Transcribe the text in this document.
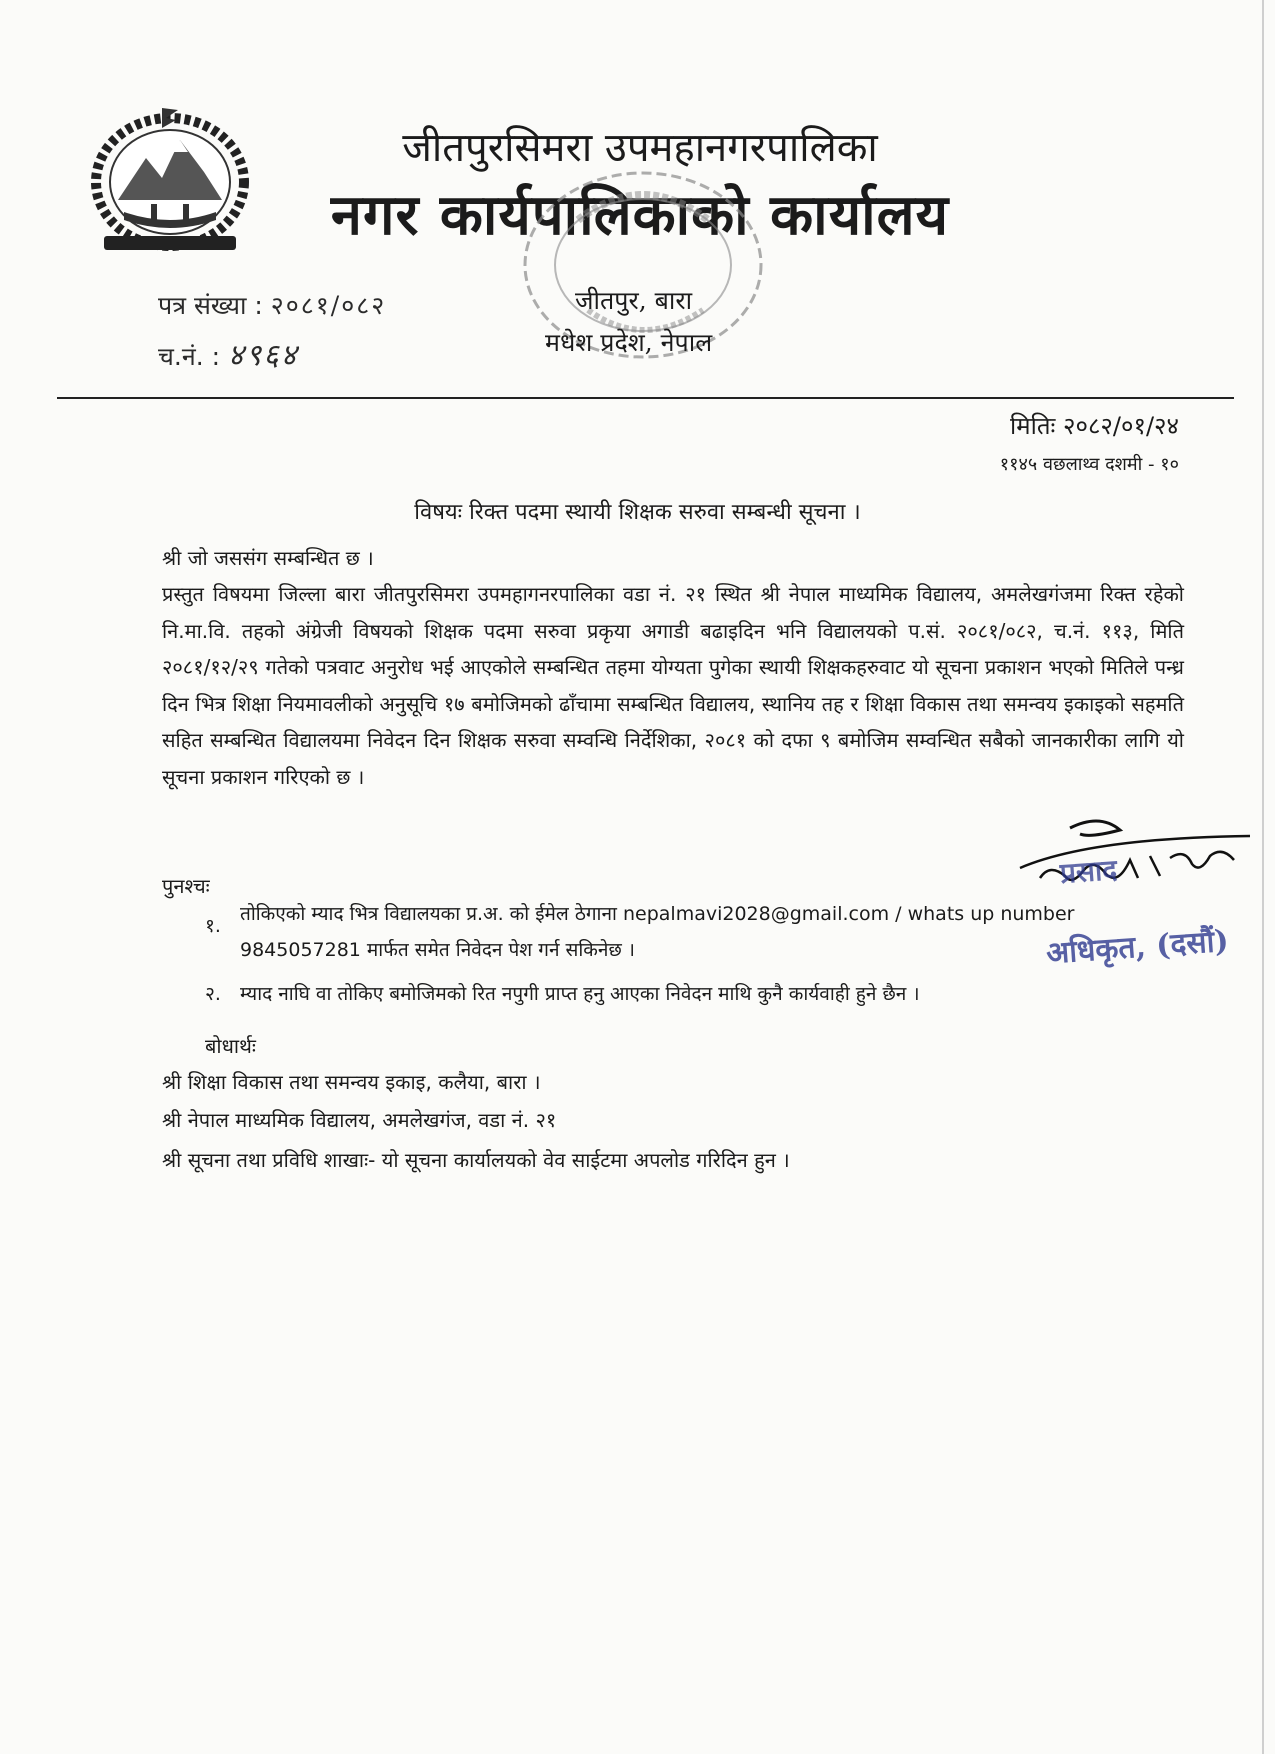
जीतपुरसिमरा उपमहानगरपालिका
नगर कार्यपालिकाको कार्यालय
जीतपुर, बारा
मधेश प्रदेश, नेपाल
पत्र संख्या : २०८१/०८२
च.नं. : ४९६४
मितिः २०८२/०१/२४
११४५ वछलाथ्व दशमी - १०
विषयः रिक्त पदमा स्थायी शिक्षक सरुवा सम्बन्धी सूचना ।
श्री जो जससंग सम्बन्धित छ ।
प्रस्तुत विषयमा जिल्ला बारा जीतपुरसिमरा उपमहागनरपालिका वडा नं. २१ स्थित श्री नेपाल माध्यमिक विद्यालय, अमलेखगंजमा रिक्त रहेको नि.मा.वि. तहको अंग्रेजी विषयको शिक्षक पदमा सरुवा प्रकृया अगाडी बढाइदिन भनि विद्यालयको प.सं. २०८१/०८२, च.नं. ११३, मिति २०८१/१२/२९ गतेको पत्रवाट अनुरोध भई आएकोले सम्बन्धित तहमा योग्यता पुगेका स्थायी शिक्षकहरुवाट यो सूचना प्रकाशन भएको मितिले पन्ध्र दिन भित्र शिक्षा नियमावलीको अनुसूचि १७ बमोजिमको ढाँचामा सम्बन्धित विद्यालय, स्थानिय तह र शिक्षा विकास तथा समन्वय इकाइको सहमति सहित सम्बन्धित विद्यालयमा निवेदन दिन शिक्षक सरुवा सम्वन्धि निर्देशिका, २०८१ को दफा ९ बमोजिम सम्वन्धित सबैको जानकारीका लागि यो सूचना प्रकाशन गरिएको छ ।
पुनश्चः
१.
तोकिएको म्याद भित्र विद्यालयका प्र.अ. को ईमेल ठेगाना nepalmavi2028@gmail.com / whats up number 9845057281 मार्फत समेत निवेदन पेश गर्न सकिनेछ ।
२. म्याद नाघि वा तोकिए बमोजिमको रित नपुगी प्राप्त हनु आएका निवेदन माथि कुनै कार्यवाही हुने छैन ।
बोधार्थः
श्री शिक्षा विकास तथा समन्वय इकाइ, कलैया, बारा ।
श्री नेपाल माध्यमिक विद्यालय, अमलेखगंज, वडा नं. २१
श्री सूचना तथा प्रविधि शाखाः- यो सूचना कार्यालयको वेव साईटमा अपलोड गरिदिन हुन ।
प्रसाद
अधिकृत, (दसौं)
